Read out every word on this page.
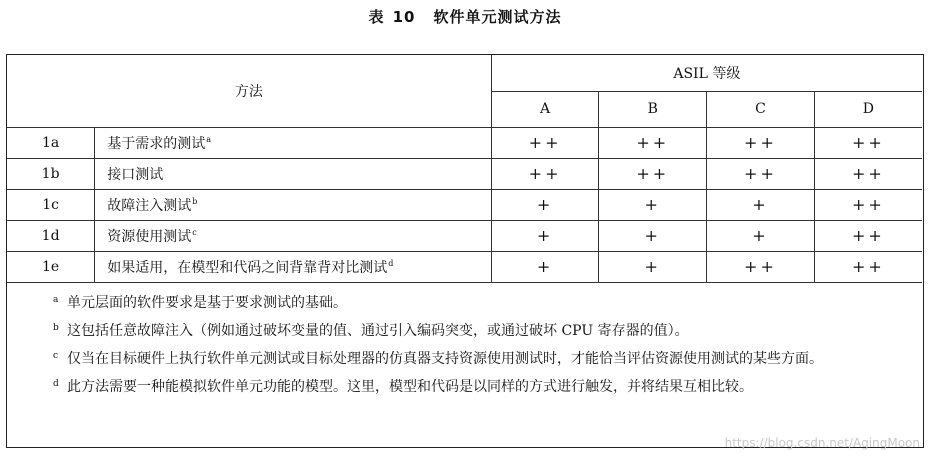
表 10 软件单元测试方法
方法		ASIL 等级			
		A	B	C	D
1a	基于需求的测试$^a$	++	++	++	++
1b	接口测试	++	++	++	++
1c	故障注入测试$^b$	+	+	+	++
1d	资源使用测试$^c$	+	+	+	++
1e	如果适用，在模型和代码之间背靠背对比测试$^d$	+	+	++	++
a 单元层面的软件要求是基于要求测试的基础。
b 这包括任意故障注入（例如通过破坏变量的值、通过引入编码突变，或通过破坏 CPU 寄存器的值）。
c 仅当在目标硬件上执行软件单元测试或目标处理器的仿真器支持资源使用测试时，才能恰当评估资源使用测试的某些方面。
d 此方法需要一种能模拟软件单元功能的模型。这里，模型和代码是以同样的方式进行触发，并将结果互相比较。
https://blog.csdn.net/AgingMoon
